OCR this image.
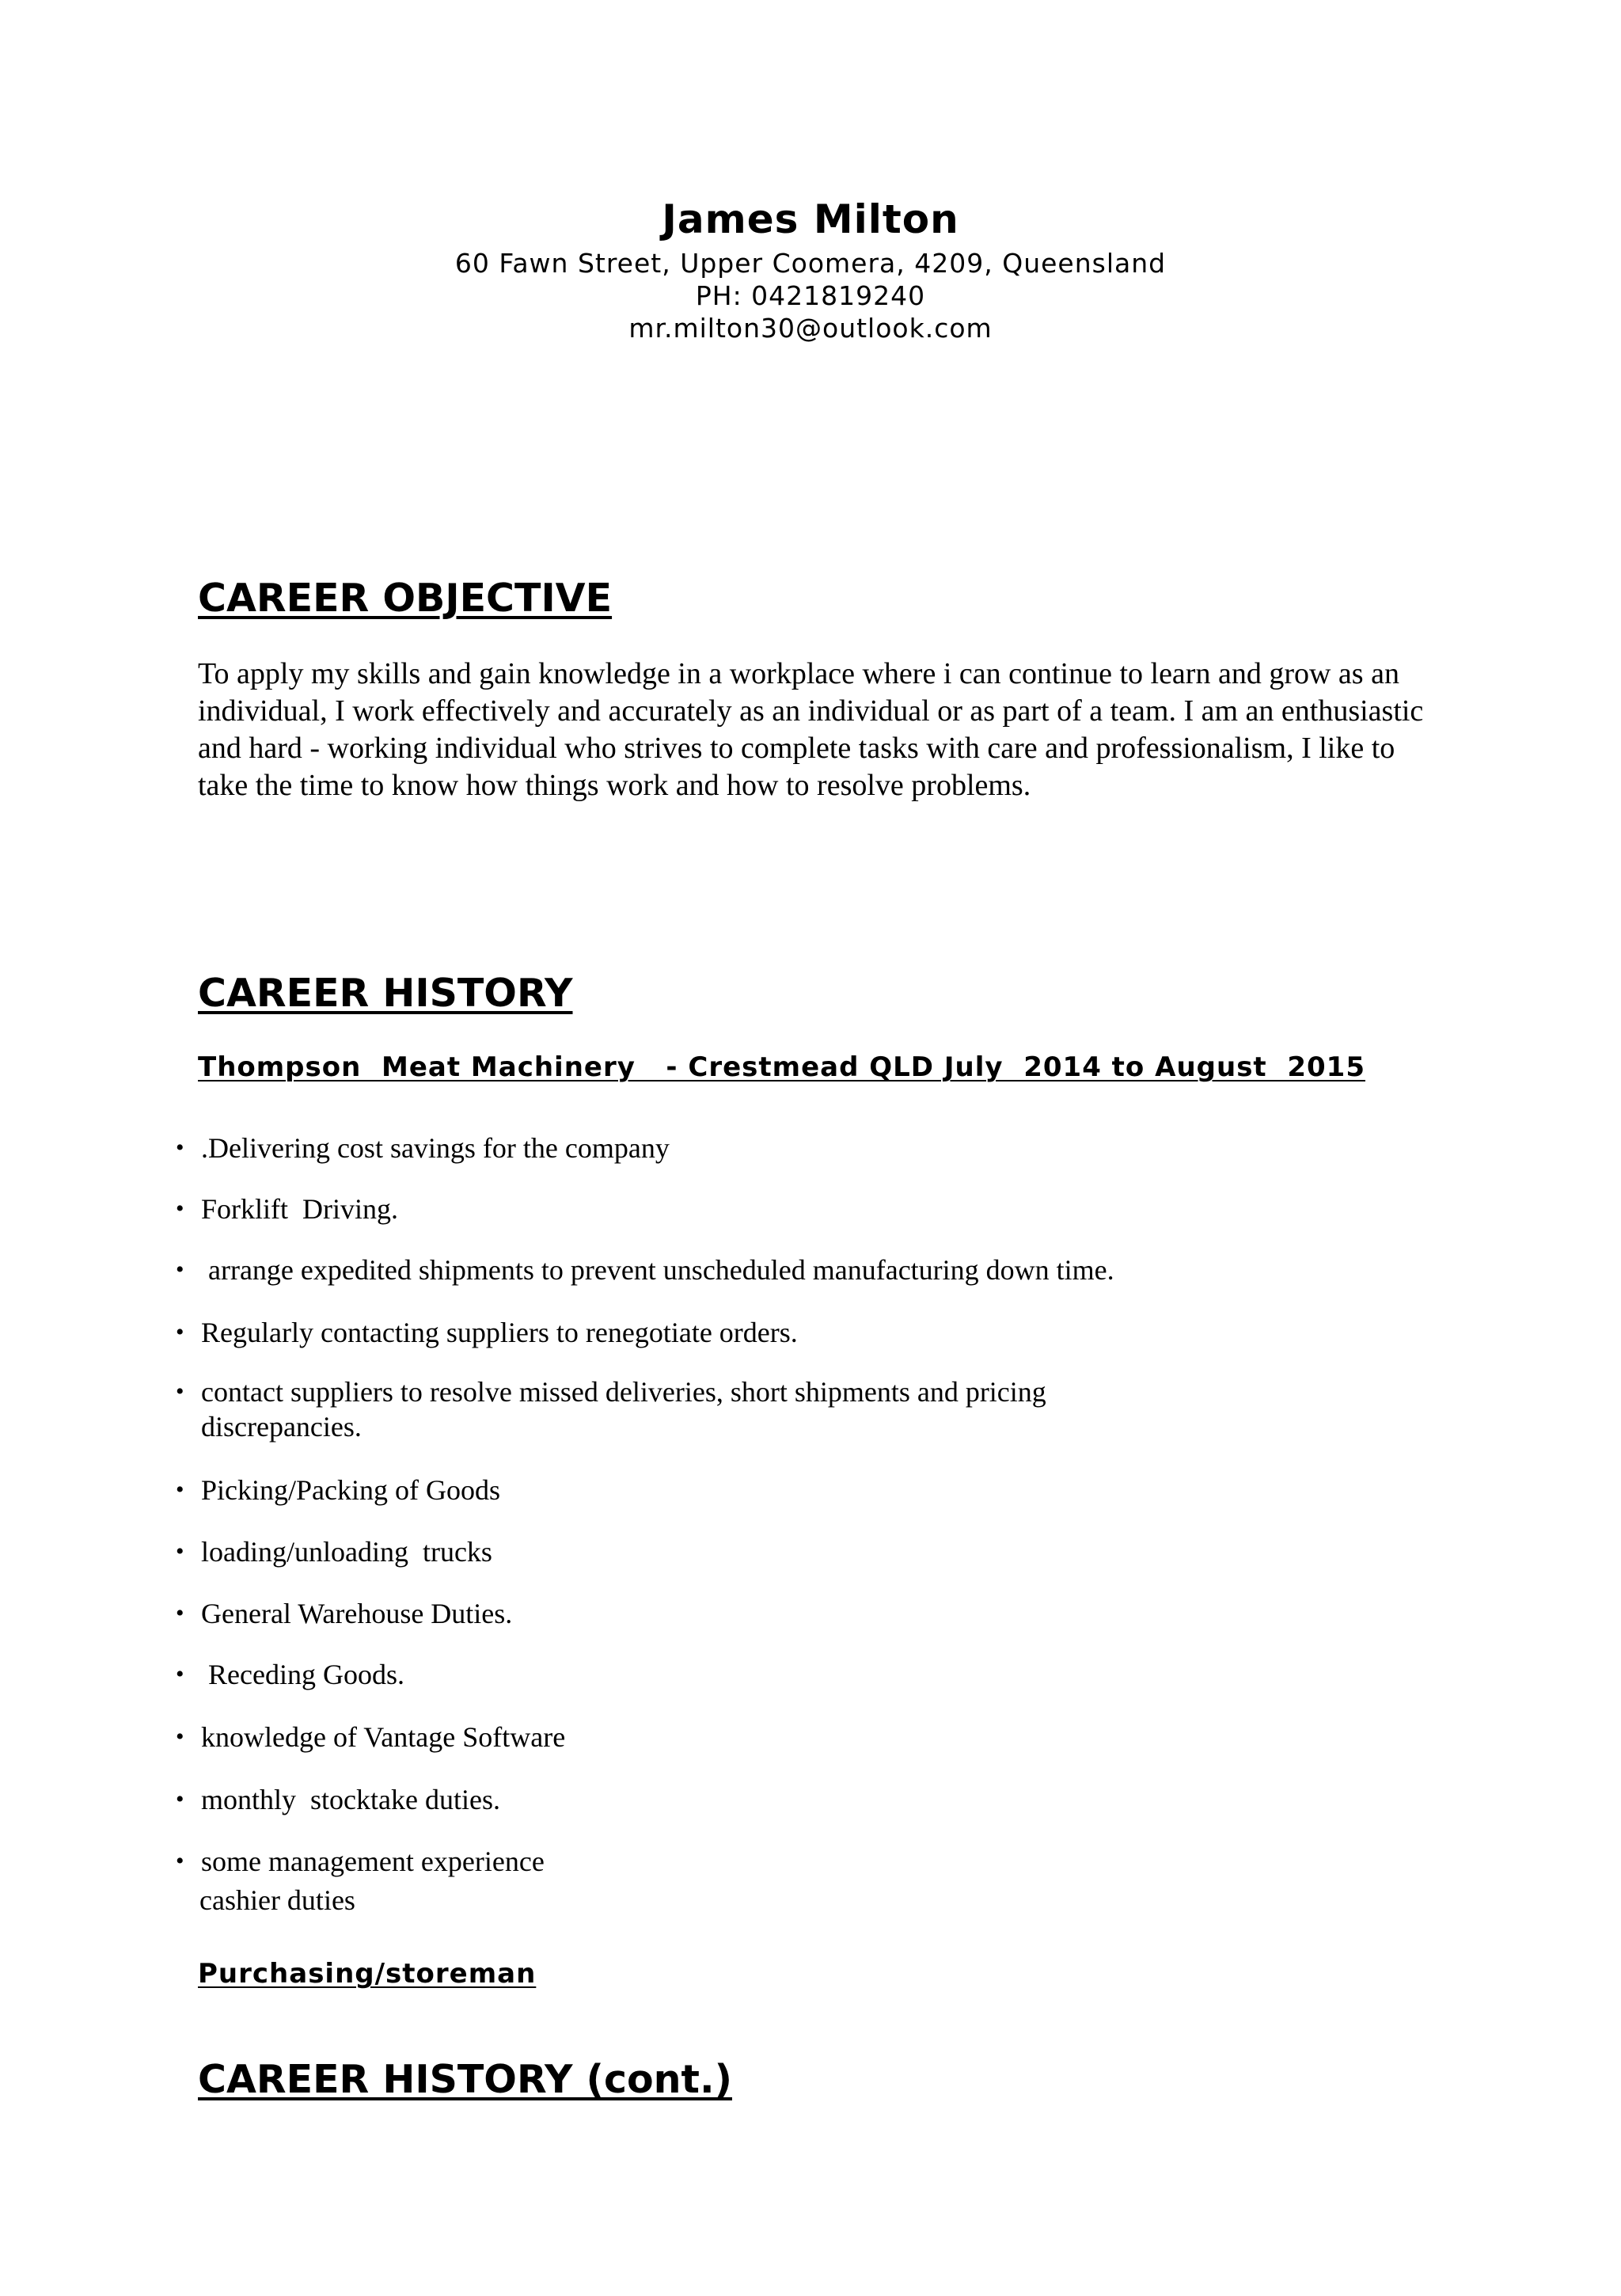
James Milton
60 Fawn Street, Upper Coomera, 4209, Queensland
PH: 0421819240
mr.milton30@outlook.com
CAREER OBJECTIVE

To apply my skills and gain knowledge in a workplace where i can continue to learn and grow as an individual, I work effectively and accurately as an individual or as part of a team. I am an enthusiastic and hard - working individual who strives to complete tasks with care and professionalism, I like to take the time to know how things work and how to resolve problems.

CAREER HISTORY
Thompson  Meat Machinery   - Crestmead QLD July  2014 to August  2015
• .Delivering cost savings for the company
• Forklift  Driving.
• arrange expedited shipments to prevent unscheduled manufacturing down time.
• Regularly contacting suppliers to renegotiate orders.
• contact suppliers to resolve missed deliveries, short shipments and pricing
discrepancies.
• Picking/Packing of Goods
• loading/unloading  trucks
• General Warehouse Duties.
• Receding Goods.
• knowledge of Vantage Software
• monthly  stocktake duties.
• some management experience
cashier duties
Purchasing/storeman
CAREER HISTORY (cont.)
